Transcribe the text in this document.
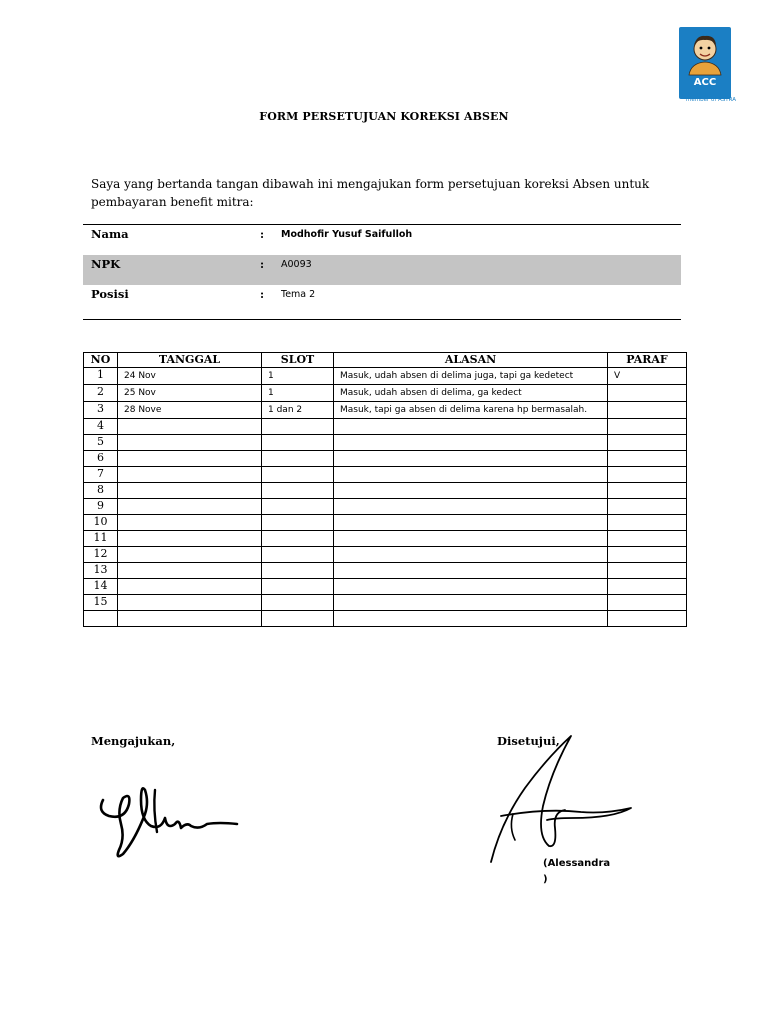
ACC
member of ASTRA
FORM PERSETUJUAN KOREKSI ABSEN
Saya yang bertanda tangan dibawah ini mengajukan form persetujuan koreksi Absen untuk pembayaran benefit mitra:
Nama	: Modhofir Yusuf Saifulloh
NPK	: A0093
Posisi	: Tema 2
NO	TANGGAL	SLOT	ALASAN	PARAF
1	24 Nov	1	Masuk, udah absen di delima juga, tapi ga kedetect	V
2	25 Nov	1	Masuk, udah absen di delima, ga kedect	
3	28 Nove	1 dan 2	Masuk, tapi ga absen di delima karena hp bermasalah.	
4				
5				
6				
7				
8				
9				
10				
11				
12				
13				
14				
15				

Mengajukan,	Disetujui,
(Alessandra
)
